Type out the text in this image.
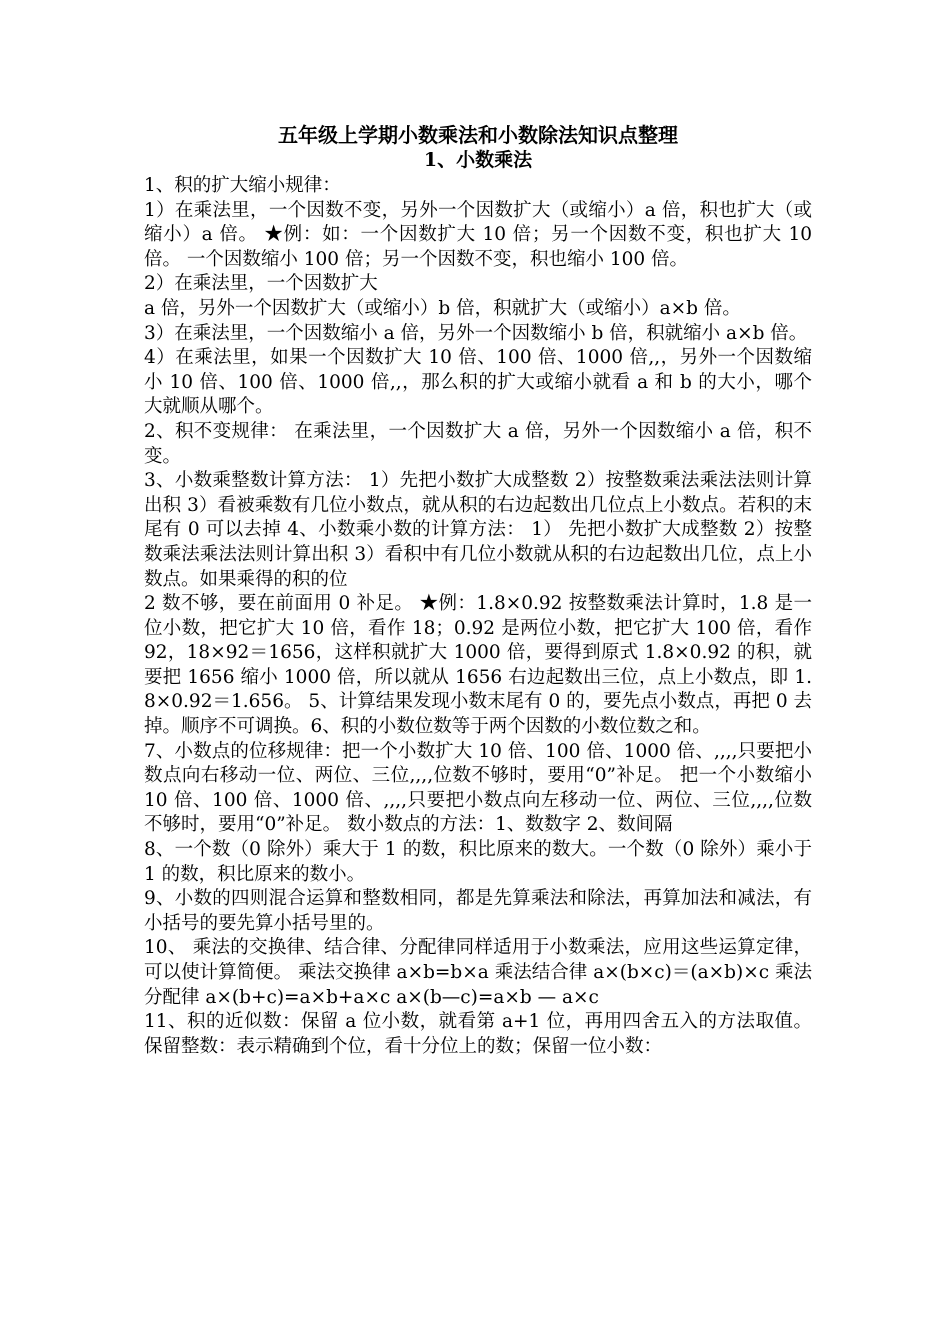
五年级上学期小数乘法和小数除法知识点整理
1、小数乘法

1、积的扩大缩小规律：

1）在乘法里，一个因数不变，另外一个因数扩大（或缩小）a 倍，积也扩大（或缩小）a 倍。 ★例：如：一个因数扩大 10 倍；另一个因数不变，积也扩大 10 倍。 一个因数缩小 100 倍；另一个因数不变，积也缩小 100 倍。

2）在乘法里，一个因数扩大

a 倍，另外一个因数扩大（或缩小）b 倍，积就扩大（或缩小）a×b 倍。

3）在乘法里，一个因数缩小 a 倍，另外一个因数缩小 b 倍，积就缩小 a×b 倍。

4）在乘法里，如果一个因数扩大 10 倍、100 倍、1000 倍,,，另外一个因数缩小 10 倍、100 倍、1000 倍,,，那么积的扩大或缩小就看 a 和 b 的大小，哪个大就顺从哪个。

2、积不变规律： 在乘法里，一个因数扩大 a 倍，另外一个因数缩小 a 倍，积不变。

3、小数乘整数计算方法： 1）先把小数扩大成整数 2）按整数乘法乘法法则计算出积 3）看被乘数有几位小数点，就从积的右边起数出几位点上小数点。若积的末尾有 0 可以去掉 4、小数乘小数的计算方法： 1） 先把小数扩大成整数 2）按整数乘法乘法法则计算出积 3）看积中有几位小数就从积的右边起数出几位，点上小数点。如果乘得的积的位

2 数不够，要在前面用 0 补足。 ★例：1.8×0.92 按整数乘法计算时，1.8 是一位小数，把它扩大 10 倍，看作 18；0.92 是两位小数，把它扩大 100 倍，看作 92，18×92＝1656，这样积就扩大 1000 倍，要得到原式 1.8×0.92 的积，就要把 1656 缩小 1000 倍，所以就从 1656 右边起数出三位，点上小数点，即 1.8×0.92＝1.656。 5、计算结果发现小数末尾有 0 的，要先点小数点，再把 0 去掉。顺序不可调换。6、积的小数位数等于两个因数的小数位数之和。

7、小数点的位移规律：把一个小数扩大 10 倍、100 倍、1000 倍、,,,,只要把小数点向右移动一位、两位、三位,,,,位数不够时，要用“0”补足。 把一个小数缩小 10 倍、100 倍、1000 倍、,,,,只要把小数点向左移动一位、两位、三位,,,,位数不够时，要用“0”补足。 数小数点的方法：1、数数字 2、数间隔

8、一个数（0 除外）乘大于 1 的数，积比原来的数大。一个数（0 除外）乘小于 1 的数，积比原来的数小。

9、小数的四则混合运算和整数相同，都是先算乘法和除法，再算加法和减法，有小括号的要先算小括号里的。

10、 乘法的交换律、结合律、分配律同样适用于小数乘法，应用这些运算定律，可以使计算简便。 乘法交换律 a×b=b×a 乘法结合律 a×(b×c)＝(a×b)×c 乘法分配律 a×(b+c)=a×b+a×c a×(b—c)=a×b — a×c

11、积的近似数：保留 a 位小数，就看第 a+1 位，再用四舍五入的方法取值。 保留整数：表示精确到个位，看十分位上的数；保留一位小数：
